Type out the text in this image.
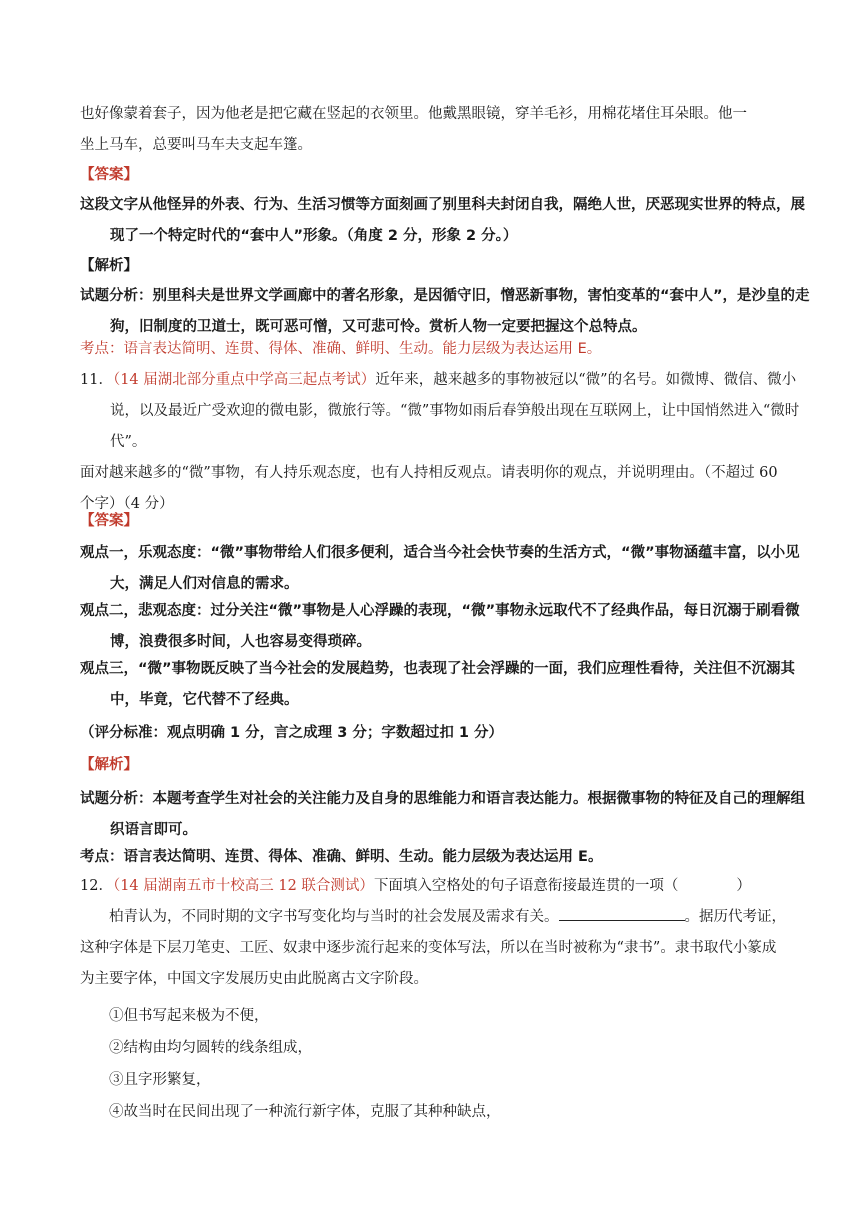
也好像蒙着套子，因为他老是把它藏在竖起的衣领里。他戴黑眼镜，穿羊毛衫，用棉花堵住耳朵眼。他一
坐上马车，总要叫马车夫支起车篷。
【答案】
这段文字从他怪异的外表、行为、生活习惯等方面刻画了别里科夫封闭自我，隔绝人世，厌恶现实世界的特点，展现了一个特定时代的“套中人”形象。（角度 2 分，形象 2 分。）
【解析】
试题分析：别里科夫是世界文学画廊中的著名形象，是因循守旧，憎恶新事物，害怕变革的“套中人”，是沙皇的走狗，旧制度的卫道士，既可恶可憎，又可悲可怜。赏析人物一定要把握这个总特点。
考点：语言表达简明、连贯、得体、准确、鲜明、生动。能力层级为表达运用 E。
11．（14 届湖北部分重点中学高三起点考试）近年来，越来越多的事物被冠以“微”的名号。如微博、微信、微小说，以及最近广受欢迎的微电影，微旅行等。“微”事物如雨后春笋般出现在互联网上，让中国悄然进入“微时代”。
面对越来越多的“微”事物，有人持乐观态度，也有人持相反观点。请表明你的观点，并说明理由。（不超过 60 个字）（4 分）
【答案】
观点一，乐观态度：“微”事物带给人们很多便利，适合当今社会快节奏的生活方式，“微”事物涵蕴丰富，以小见大，满足人们对信息的需求。
观点二，悲观态度：过分关注“微”事物是人心浮躁的表现，“微”事物永远取代不了经典作品，每日沉溺于刷看微博，浪费很多时间，人也容易变得琐碎。
观点三，“微”事物既反映了当今社会的发展趋势，也表现了社会浮躁的一面，我们应理性看待，关注但不沉溺其中，毕竟，它代替不了经典。
（评分标准：观点明确 1 分，言之成理 3 分；字数超过扣 1 分）
【解析】
试题分析：本题考查学生对社会的关注能力及自身的思维能力和语言表达能力。根据微事物的特征及自己的理解组织语言即可。
考点：语言表达简明、连贯、得体、准确、鲜明、生动。能力层级为表达运用 E。
12．（14 届湖南五市十校高三 12 联合测试）下面填入空格处的句子语意衔接最连贯的一项（　　　　）
柏青认为，不同时期的文字书写变化均与当时的社会发展及需求有关。	。据历代考证，这种字体是下层刀笔吏、工匠、奴隶中逐步流行起来的变体写法，所以在当时被称为“隶书”。隶书取代小篆成为主要字体，中国文字发展历史由此脱离古文字阶段。
①但书写起来极为不便，
②结构由均匀圆转的线条组成，
③且字形繁复，
④故当时在民间出现了一种流行新字体，克服了其种种缺点，
